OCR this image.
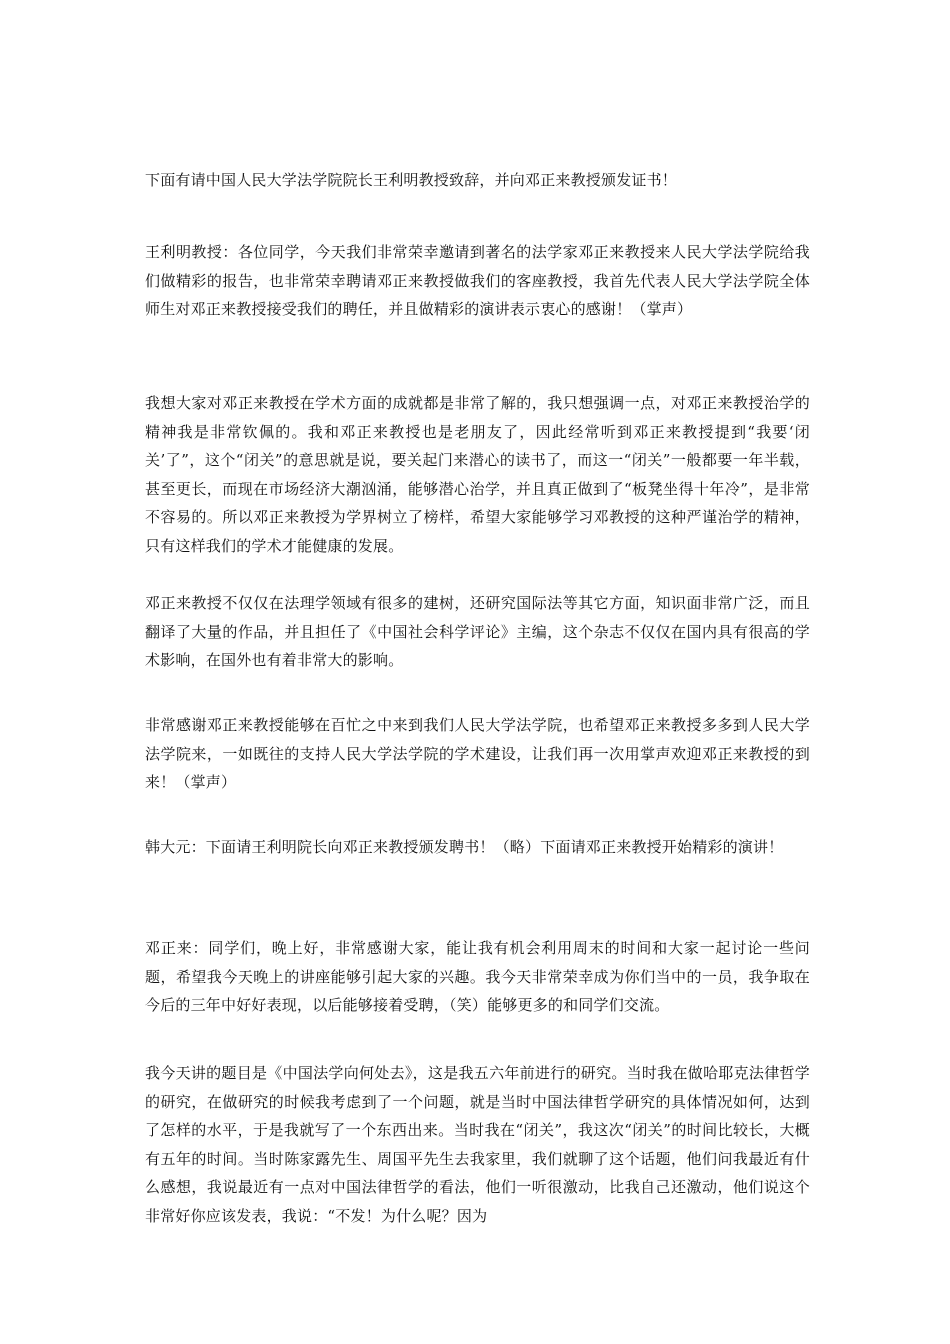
下面有请中国人民大学法学院院长王利明教授致辞，并向邓正来教授颁发证书！

王利明教授：各位同学，今天我们非常荣幸邀请到著名的法学家邓正来教授来人民大学法学院给我们做精彩的报告，也非常荣幸聘请邓正来教授做我们的客座教授，我首先代表人民大学法学院全体师生对邓正来教授接受我们的聘任，并且做精彩的演讲表示衷心的感谢！（掌声）

我想大家对邓正来教授在学术方面的成就都是非常了解的，我只想强调一点，对邓正来教授治学的精神我是非常钦佩的。我和邓正来教授也是老朋友了，因此经常听到邓正来教授提到“我要‘闭关’了”，这个“闭关”的意思就是说，要关起门来潜心的读书了，而这一“闭关”一般都要一年半载，甚至更长，而现在市场经济大潮汹涌，能够潜心治学，并且真正做到了“板凳坐得十年冷”，是非常不容易的。所以邓正来教授为学界树立了榜样，希望大家能够学习邓教授的这种严谨治学的精神，只有这样我们的学术才能健康的发展。

邓正来教授不仅仅在法理学领域有很多的建树，还研究国际法等其它方面，知识面非常广泛，而且翻译了大量的作品，并且担任了《中国社会科学评论》主编，这个杂志不仅仅在国内具有很高的学术影响，在国外也有着非常大的影响。

非常感谢邓正来教授能够在百忙之中来到我们人民大学法学院，也希望邓正来教授多多到人民大学法学院来，一如既往的支持人民大学法学院的学术建设，让我们再一次用掌声欢迎邓正来教授的到来！（掌声）

韩大元：下面请王利明院长向邓正来教授颁发聘书！（略）下面请邓正来教授开始精彩的演讲！

邓正来：同学们，晚上好，非常感谢大家，能让我有机会利用周末的时间和大家一起讨论一些问题，希望我今天晚上的讲座能够引起大家的兴趣。我今天非常荣幸成为你们当中的一员，我争取在今后的三年中好好表现，以后能够接着受聘，（笑）能够更多的和同学们交流。

我今天讲的题目是《中国法学向何处去》，这是我五六年前进行的研究。当时我在做哈耶克法律哲学的研究，在做研究的时候我考虑到了一个问题，就是当时中国法律哲学研究的具体情况如何，达到了怎样的水平，于是我就写了一个东西出来。当时我在“闭关”，我这次“闭关”的时间比较长，大概有五年的时间。当时陈家露先生、周国平先生去我家里，我们就聊了这个话题，他们问我最近有什么感想，我说最近有一点对中国法律哲学的看法，他们一听很激动，比我自己还激动，他们说这个非常好你应该发表，我说：“不发！为什么呢？因为
